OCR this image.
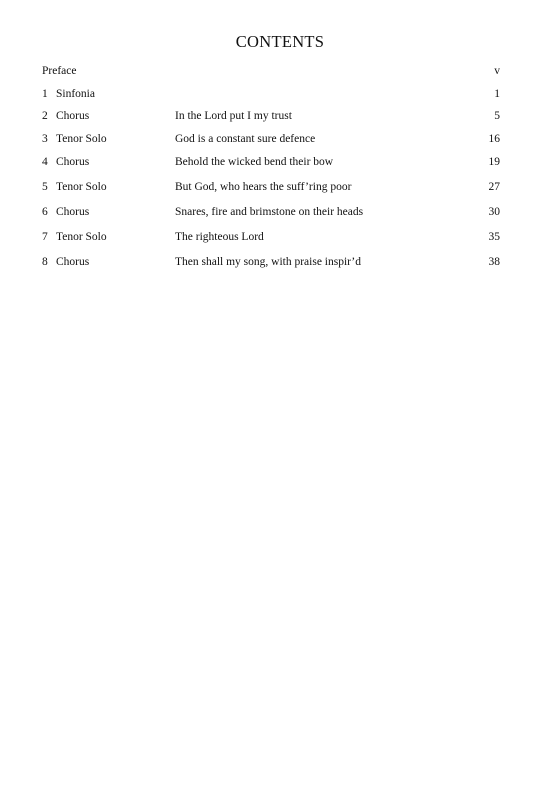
CONTENTS
Preface	v
1 Sinfonia	1
2 Chorus	In the Lord put I my trust	5
3 Tenor Solo	God is a constant sure defence	16
4 Chorus	Behold the wicked bend their bow	19
5 Tenor Solo	But God, who hears the suff’ring poor	27
6 Chorus	Snares, fire and brimstone on their heads	30
7 Tenor Solo	The righteous Lord	35
8 Chorus	Then shall my song, with praise inspir’d	38
